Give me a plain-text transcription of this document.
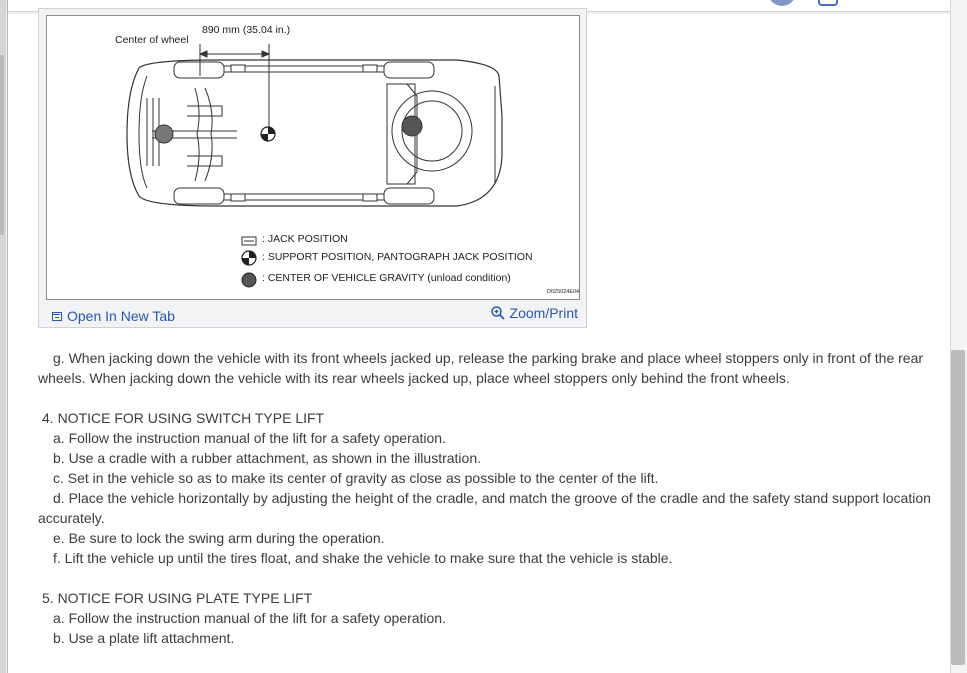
890 mm (35.04 in.)
Center of wheel
: JACK POSITION
: SUPPORT POSITION, PANTOGRAPH JACK POSITION
: CENTER OF VEHICLE GRAVITY (unload condition)
D025024E04
Open In New Tab	Zoom/Print

g. When jacking down the vehicle with its front wheels jacked up, release the parking brake and place wheel stoppers only in front of the rear wheels. When jacking down the vehicle with its rear wheels jacked up, place wheel stoppers only behind the front wheels.

4. NOTICE FOR USING SWITCH TYPE LIFT

a. Follow the instruction manual of the lift for a safety operation.

b. Use a cradle with a rubber attachment, as shown in the illustration.

c. Set in the vehicle so as to make its center of gravity as close as possible to the center of the lift.

d. Place the vehicle horizontally by adjusting the height of the cradle, and match the groove of the cradle and the safety stand support location accurately.

e. Be sure to lock the swing arm during the operation.

f. Lift the vehicle up until the tires float, and shake the vehicle to make sure that the vehicle is stable.

5. NOTICE FOR USING PLATE TYPE LIFT

a. Follow the instruction manual of the lift for a safety operation.

b. Use a plate lift attachment.
